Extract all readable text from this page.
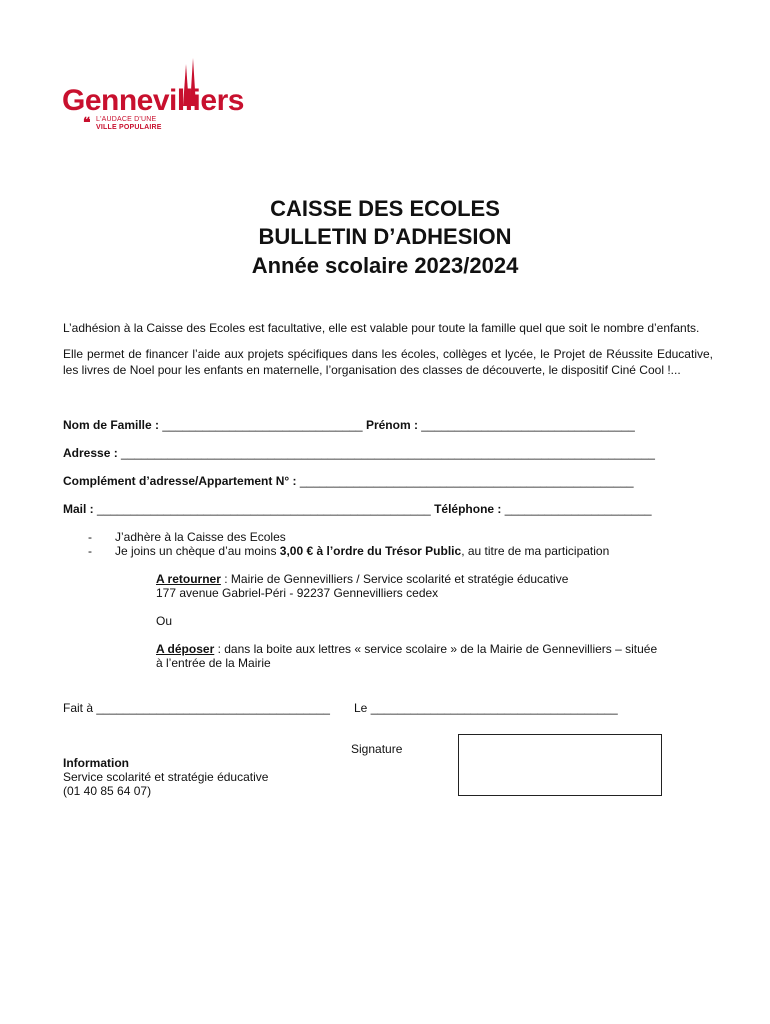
Gennevilliers
❝ L'AUDACE D'UNE
VILLE POPULAIRE
CAISSE DES ECOLES
BULLETIN D’ADHESION
Année scolaire 2023/2024
L’adhésion à la Caisse des Ecoles est facultative, elle est valable pour toute la famille quel que soit le nombre d’enfants.
Elle permet de financer l’aide aux projets spécifiques dans les écoles, collèges et lycée, le Projet de Réussite Educative, les livres de Noel pour les enfants en maternelle, l’organisation des classes de découverte, le dispositif Ciné Cool !...
Nom de Famille : ______________________________ Prénom : ________________________________
Adresse : ________________________________________________________________________________
Complément d’adresse/Appartement N° : __________________________________________________
Mail : __________________________________________________ Téléphone : ______________________
- J’adhère à la Caisse des Ecoles
- Je joins un chèque d’au moins 3,00 € à l’ordre du Trésor Public, au titre de ma participation
A retourner : Mairie de Gennevilliers / Service scolarité et stratégie éducative
177 avenue Gabriel-Péri - 92237 Gennevilliers cedex
Ou
A déposer : dans la boite aux lettres « service scolaire » de la Mairie de Gennevilliers – située
à l’entrée de la Mairie
Fait à ___________________________________ Le _____________________________________
Signature
Information
Service scolarité et stratégie éducative
(01 40 85 64 07)
